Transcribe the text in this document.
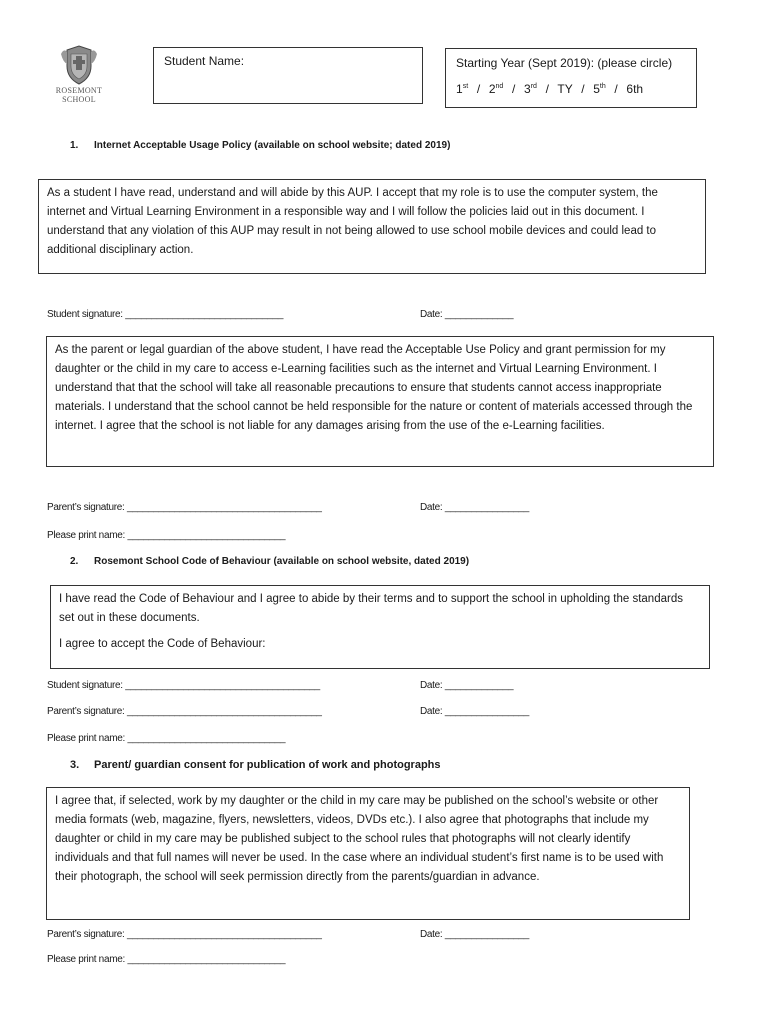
ROSEMONT
SCHOOL
Student Name:	Starting Year (Sept 2019): (please circle)
1st / 2nd / 3rd / TY / 5th / 6th
1. Internet Acceptable Usage Policy (available on school website; dated 2019)
As a student I have read, understand and will abide by this AUP. I accept that my role is to use the computer system, the internet and Virtual Learning Environment in a responsible way and I will follow the policies laid out in this document. I understand that any violation of this AUP may result in not being allowed to use school mobile devices and could lead to additional disciplinary action.
Student signature: ______________________________	Date: _____________
As the parent or legal guardian of the above student, I have read the Acceptable Use Policy and grant permission for my daughter or the child in my care to access e-Learning facilities such as the internet and Virtual Learning Environment. I understand that that the school will take all reasonable precautions to ensure that students cannot access inappropriate materials. I understand that the school cannot be held responsible for the nature or content of materials accessed through the internet. I agree that the school is not liable for any damages arising from the use of the e-Learning facilities.
Parent’s signature: _____________________________________	Date: ________________
Please print name: ______________________________
2. Rosemont School Code of Behaviour (available on school website, dated 2019)
I have read the Code of Behaviour and I agree to abide by their terms and to support the school in upholding the standards set out in these documents.
I agree to accept the Code of Behaviour:
Student signature: _____________________________________	Date: _____________
Parent’s signature: _____________________________________	Date: ________________
Please print name: ______________________________
3. Parent/ guardian consent for publication of work and photographs
I agree that, if selected, work by my daughter or the child in my care may be published on the school’s website or other media formats (web, magazine, flyers, newsletters, videos, DVDs etc.). I also agree that photographs that include my daughter or child in my care may be published subject to the school rules that photographs will not clearly identify individuals and that full names will never be used. In the case where an individual student’s first name is to be used with their photograph, the school will seek permission directly from the parents/guardian in advance.
Parent’s signature: _____________________________________	Date: ________________
Please print name: ______________________________
